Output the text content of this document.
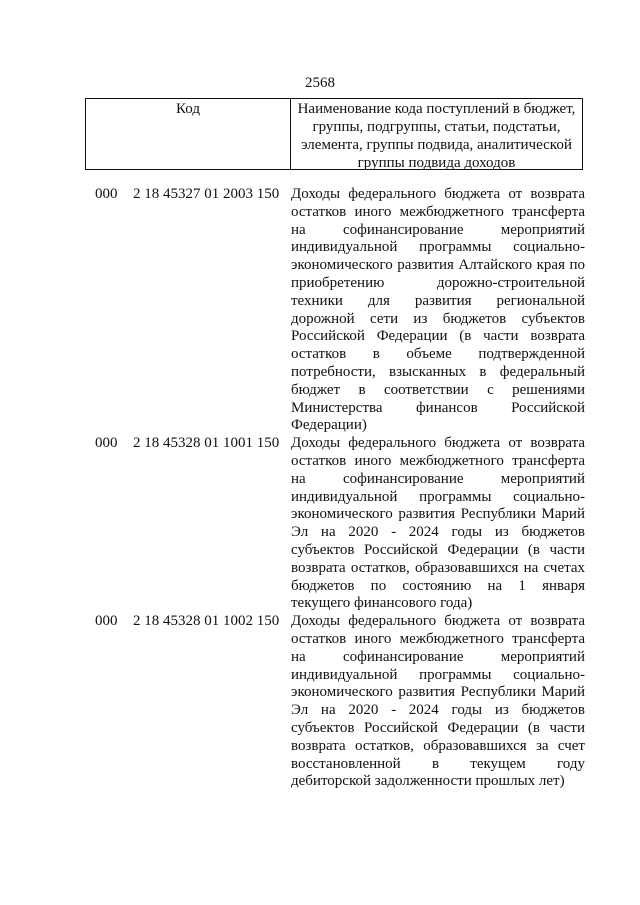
2568
Код	Наименование кода поступлений в бюджет, группы, подгруппы, статьи, подстатьи, элемента, группы подвида, аналитической группы подвида доходов
000	2 18 45327 01 2003 150 Доходы федерального бюджета от возврата остатков иного межбюджетного трансферта на софинансирование мероприятий индивидуальной программы социально-экономического развития Алтайского края по приобретению дорожно-строительной техники для развития региональной дорожной сети из бюджетов субъектов Российской Федерации (в части возврата остатков в объеме подтвержденной потребности, взысканных в федеральный бюджет в соответствии с решениями Министерства финансов Российской Федерации)
000	2 18 45328 01 1001 150 Доходы федерального бюджета от возврата остатков иного межбюджетного трансферта на софинансирование мероприятий индивидуальной программы социально-экономического развития Республики Марий Эл на 2020 - 2024 годы из бюджетов субъектов Российской Федерации (в части возврата остатков, образовавшихся на счетах бюджетов по состоянию на 1 января текущего финансового года)
000	2 18 45328 01 1002 150 Доходы федерального бюджета от возврата остатков иного межбюджетного трансферта на софинансирование мероприятий индивидуальной программы социально-экономического развития Республики Марий Эл на 2020 - 2024 годы из бюджетов субъектов Российской Федерации (в части возврата остатков, образовавшихся за счет восстановленной в текущем году дебиторской задолженности прошлых лет)
